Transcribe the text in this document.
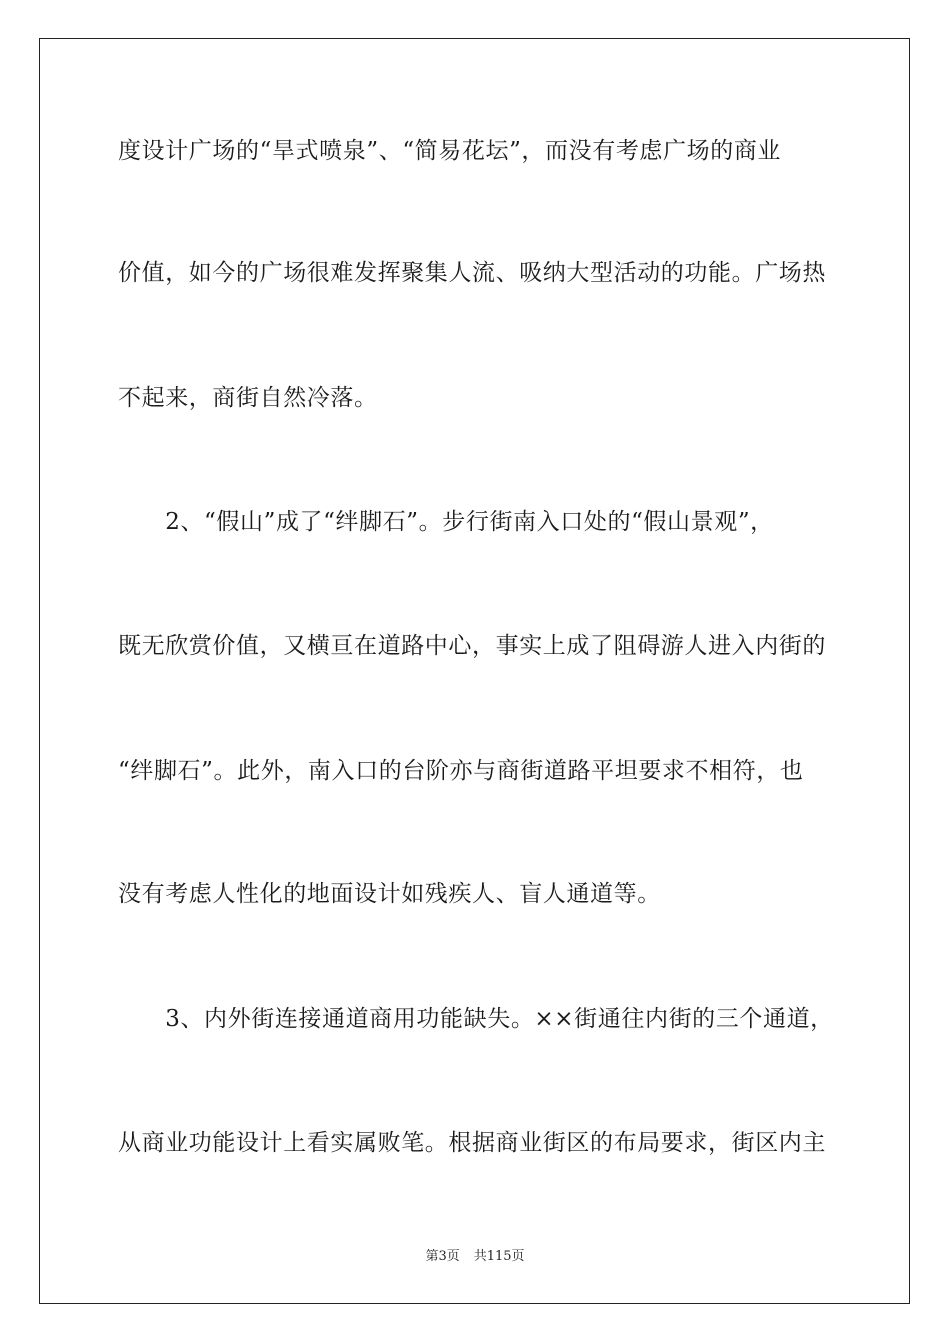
度设计广场的“旱式喷泉”、“简易花坛”，而没有考虑广场的商业
价值，如今的广场很难发挥聚集人流、吸纳大型活动的功能。广场热
不起来，商街自然冷落。
　　2、“假山”成了“绊脚石”。步行街南入口处的“假山景观”，
既无欣赏价值，又横亘在道路中心，事实上成了阻碍游人进入内街的
“绊脚石”。此外，南入口的台阶亦与商街道路平坦要求不相符，也
没有考虑人性化的地面设计如残疾人、盲人通道等。
　　3、内外街连接通道商用功能缺失。××街通往内街的三个通道，
从商业功能设计上看实属败笔。根据商业街区的布局要求，街区内主
第3页 共115页
